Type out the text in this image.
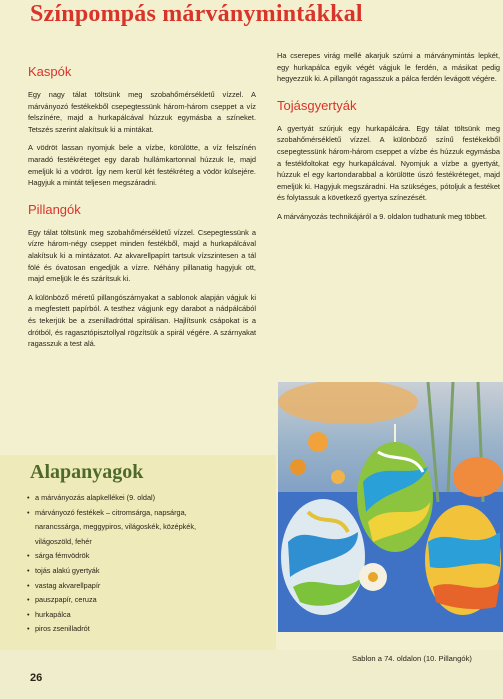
Színpompás márványmintákkal
Kaspók

Egy nagy tálat töltsünk meg szobahőmérsékletű vízzel. A márványozó festékekből csepegtessünk három-három cseppet a víz felszínére, majd a hurkapálcával húzzuk egymásba a színeket. Tetszés szerint alakítsuk ki a mintákat.

A vödröt lassan nyomjuk bele a vízbe, körülötte, a víz felszínén maradó festékréteget egy darab hullámkartonnal húzzuk le, majd emeljük ki a vödröt. Így nem kerül két festékréteg a vödör külsejére. Hagyjuk a mintát teljesen megszáradni.

Pillangók

Egy tálat töltsünk meg szobahőmérsékletű vízzel. Csepegtessünk a vízre három-négy cseppet minden festékből, majd a hurkapálcával alakítsuk ki a mintázatot. Az akvarellpapírt tartsuk vízszintesen a tál fölé és óvatosan engedjük a vízre. Néhány pillanatig hagyjuk ott, majd emeljük le és szárítsuk ki.

A különböző méretű pillangószárnyakat a sablonok alapján vágjuk ki a megfestett papírból. A testhez vágjunk egy darabot a nádpálcából és tekerjük be a zsenilladróttal spirálisan. Hajlítsunk csápokat is a drótból, és ragasztópisztollyal rögzítsük a spirál végére. A szárnyakat ragasszuk a test alá.

Ha cserepes virág mellé akarjuk szúrni a márványmintás lepkét, egy hurkapálca egyik végét vágjuk le ferdén, a másikat pedig hegyezzük ki. A pillangót ragasszuk a pálca ferdén levágott végére.

Tojásgyertyák

A gyertyát szúrjuk egy hurkapálcára. Egy tálat töltsünk meg szobahőmérsékletű vízzel. A különböző színű festékekből csepegtessünk három-három cseppet a vízbe és húzzuk egymásba a festékfoltokat egy hurkapálcával. Nyomjuk a vízbe a gyertyát, húzzuk el egy kartondarabbal a körülötte úszó festékréteget, majd emeljük ki. Hagyjuk megszáradni. Ha szükséges, pótoljuk a festéket és folytassuk a következő gyertya színezését.

A márványozás technikájáról a 9. oldalon tudhatunk meg többet.

Alapanyagok
• a márványozás alapkellékei (9. oldal)
• márványozó festékek – citromsárga, napsárga,
narancssárga, meggypiros, világoskék, középkék,
világoszöld, fehér
• sárga fémvödrök
• tojás alakú gyertyák
• vastag akvarellpapír
• pauszpapír, ceruza
• hurkapálca
• piros zsenilladrót
Sablon a 74. oldalon (10. Pillangók)
26
